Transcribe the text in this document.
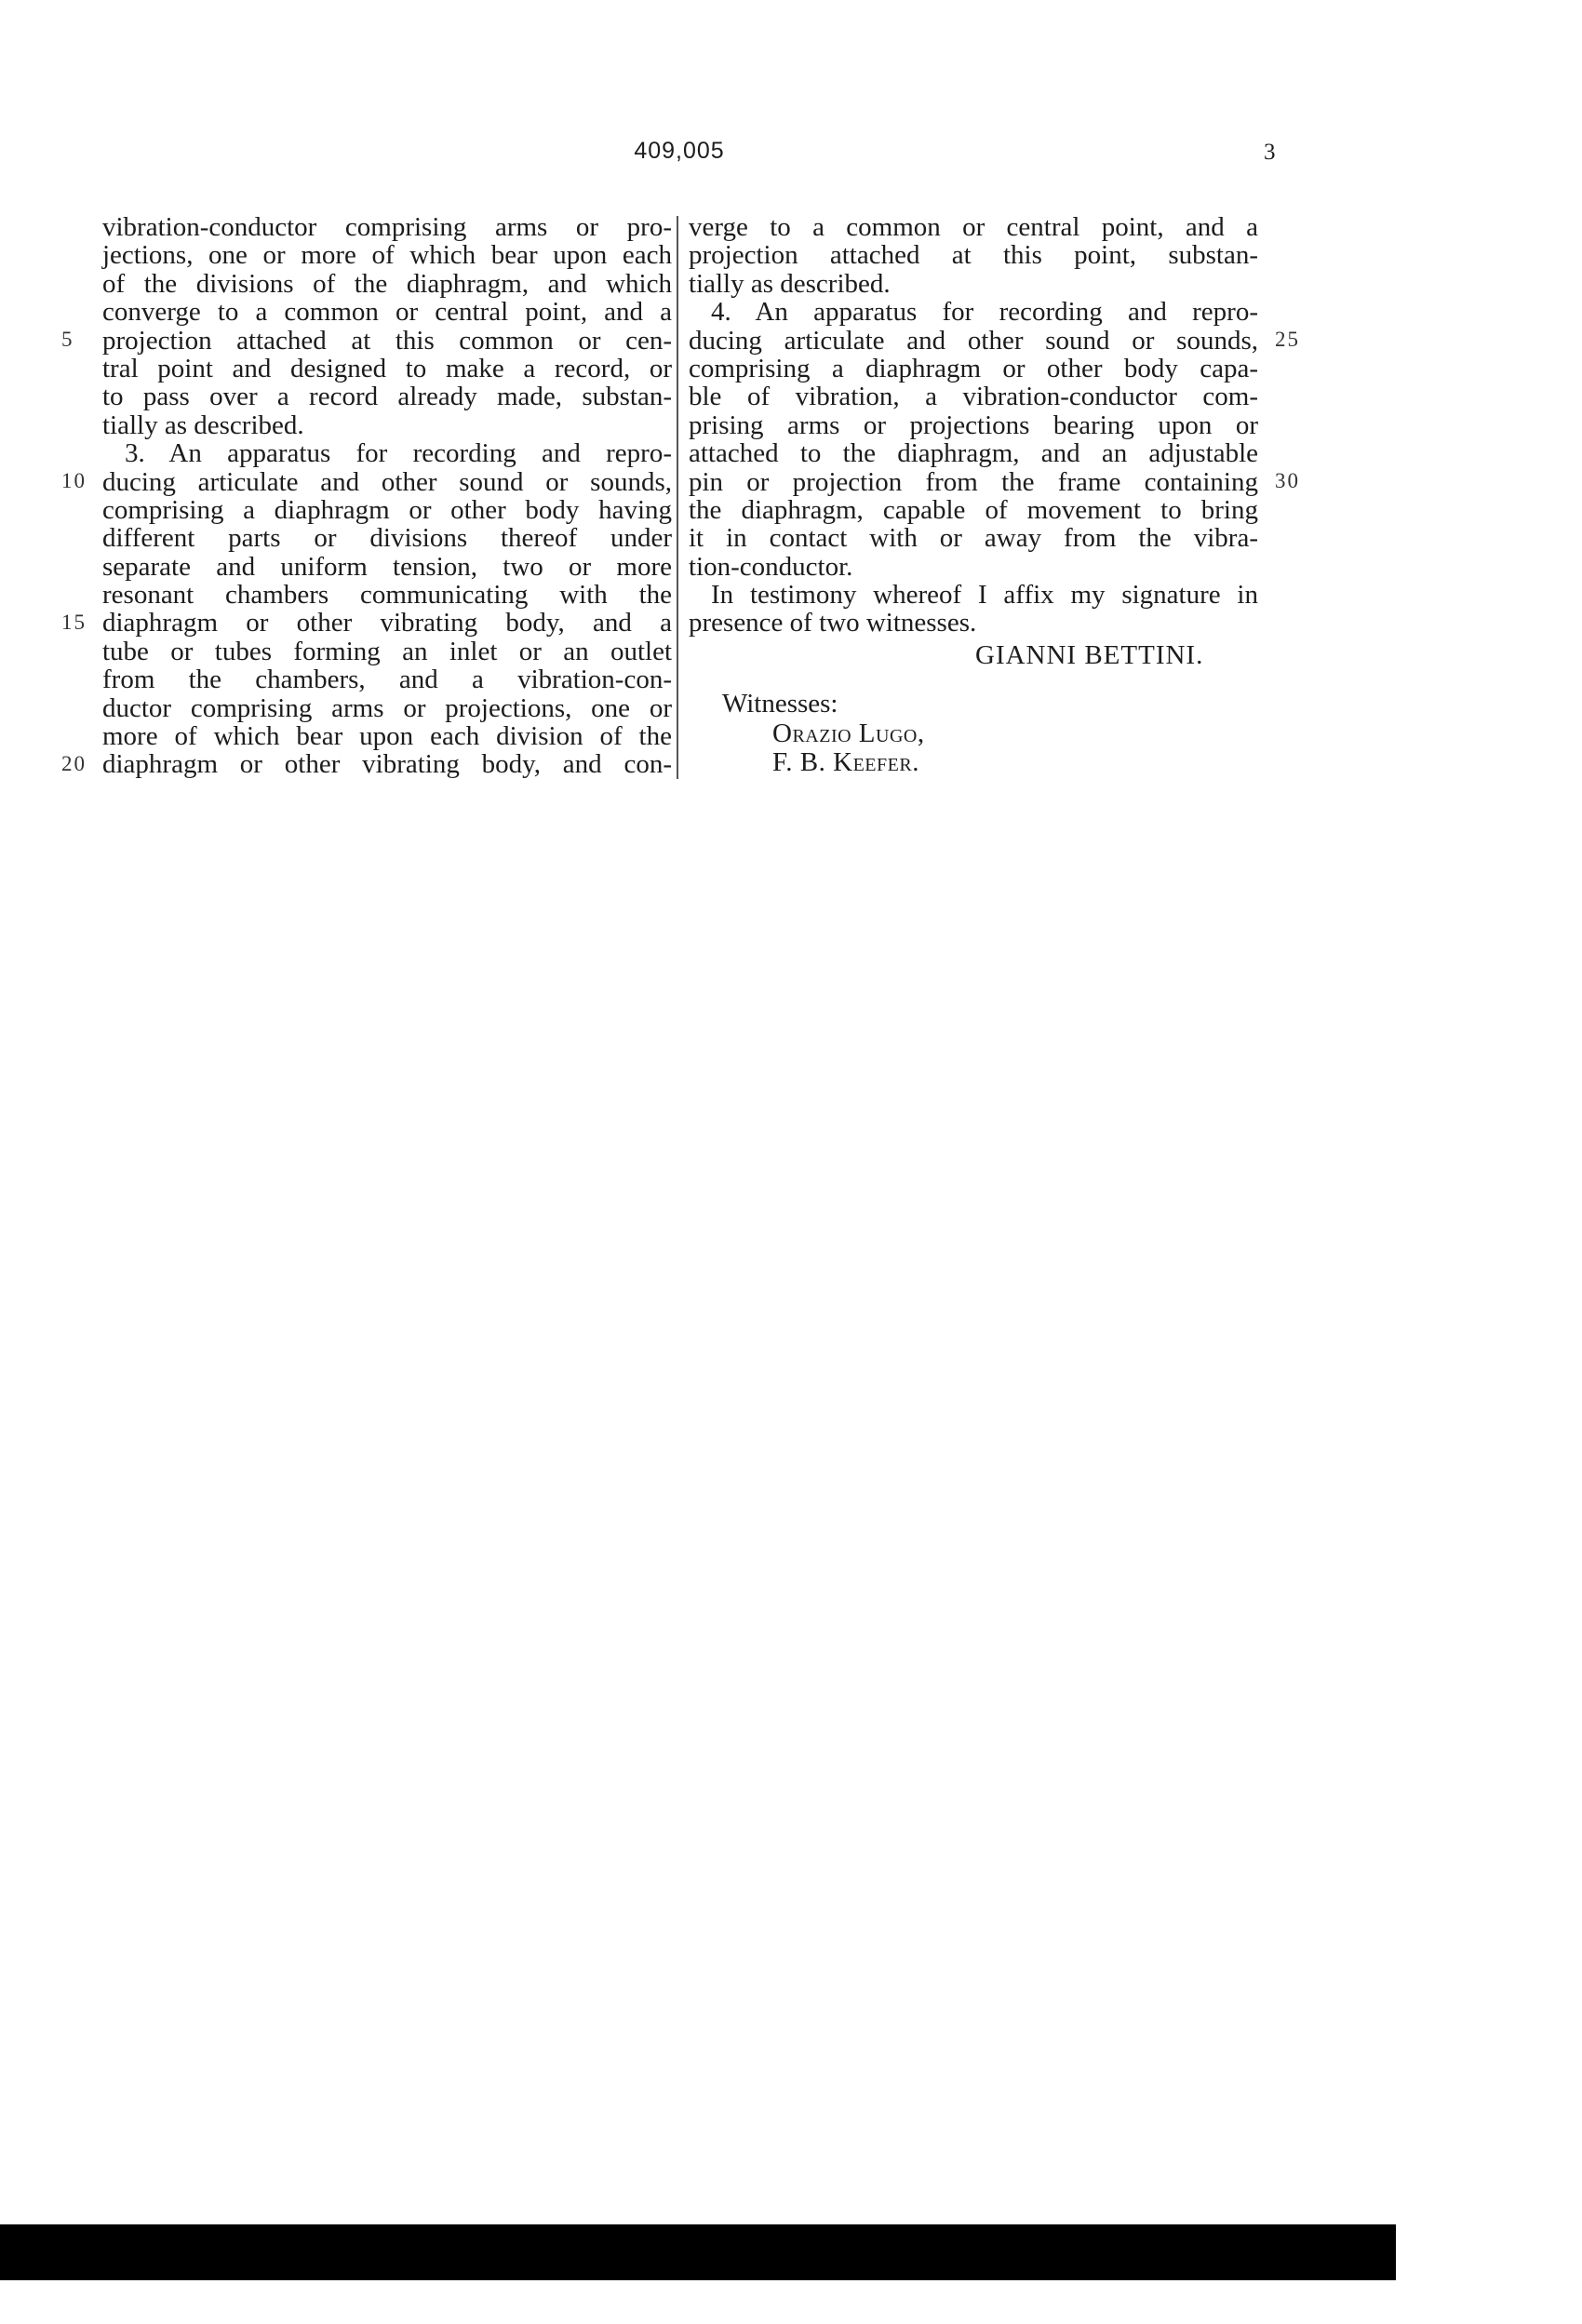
409,005	3
vibration-conductor comprising arms or pro-
jections, one or more of which bear upon each
of the divisions of the diaphragm, and which
converge to a common or central point, and a
projection attached at this common or cen-
tral point and designed to make a record, or
to pass over a record already made, substan-
tially as described.
3. An apparatus for recording and repro-
ducing articulate and other sound or sounds,
comprising a diaphragm or other body having
different parts or divisions thereof under
separate and uniform tension, two or more
resonant chambers communicating with the
diaphragm or other vibrating body, and a
tube or tubes forming an inlet or an outlet
from the chambers, and a vibration-con-
ductor comprising arms or projections, one or
more of which bear upon each division of the
diaphragm or other vibrating body, and con-
5
10
15
20
verge to a common or central point, and a
projection attached at this point, substan-
tially as described.
4. An apparatus for recording and repro-
ducing articulate and other sound or sounds,
comprising a diaphragm or other body capa-
ble of vibration, a vibration-conductor com-
prising arms or projections bearing upon or
attached to the diaphragm, and an adjustable
pin or projection from the frame containing
the diaphragm, capable of movement to bring
it in contact with or away from the vibra-
tion-conductor.
In testimony whereof I affix my signature in
presence of two witnesses.
25
30
GIANNI BETTINI.
Witnesses:
Orazio Lugo,
F. B. Keefer.
